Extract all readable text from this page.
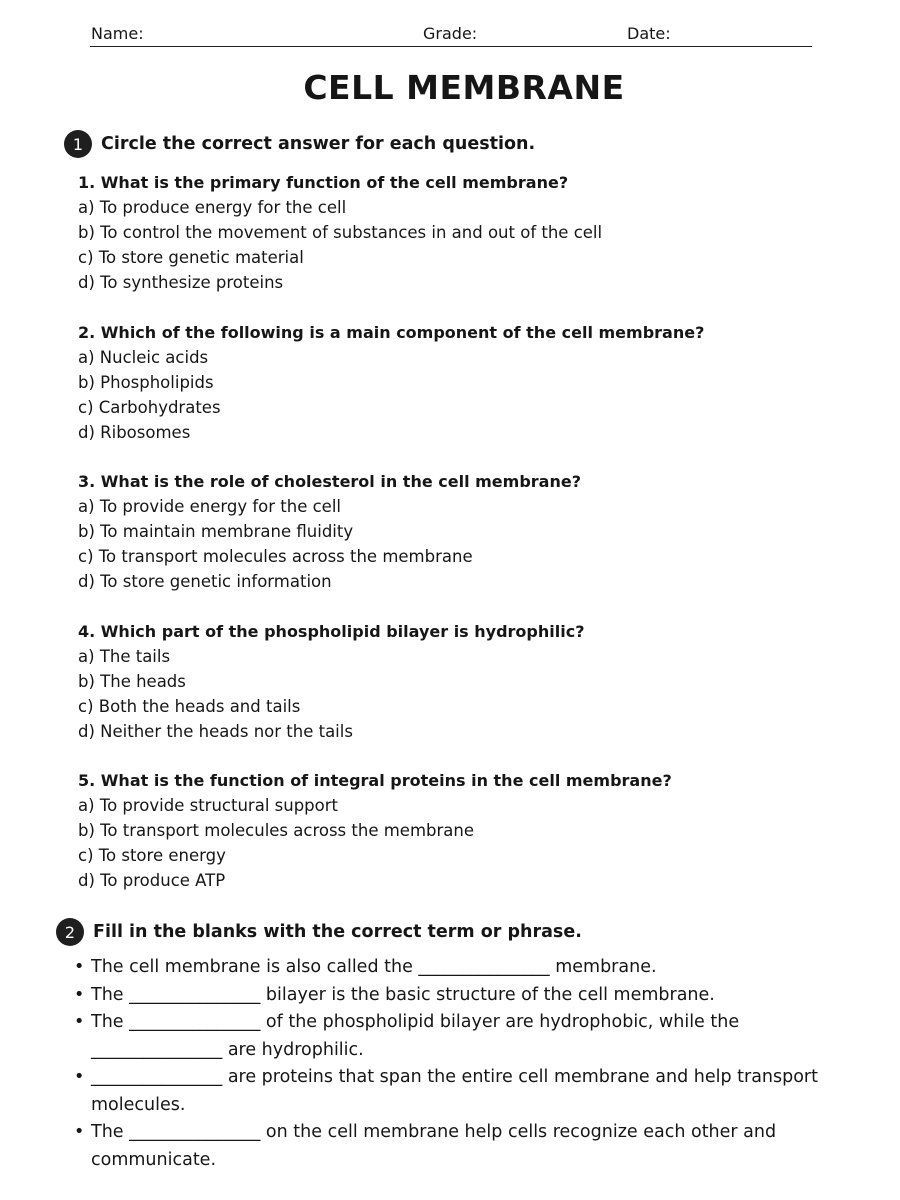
Name:	Grade:	Date:
CELL MEMBRANE
1	Circle the correct answer for each question.
1. What is the primary function of the cell membrane?
a) To produce energy for the cell
b) To control the movement of substances in and out of the cell
c) To store genetic material
d) To synthesize proteins
2. Which of the following is a main component of the cell membrane?
a) Nucleic acids
b) Phospholipids
c) Carbohydrates
d) Ribosomes
3. What is the role of cholesterol in the cell membrane?
a) To provide energy for the cell
b) To maintain membrane fluidity
c) To transport molecules across the membrane
d) To store genetic information
4. Which part of the phospholipid bilayer is hydrophilic?
a) The tails
b) The heads
c) Both the heads and tails
d) Neither the heads nor the tails
5. What is the function of integral proteins in the cell membrane?
a) To provide structural support
b) To transport molecules across the membrane
c) To store energy
d) To produce ATP
2	Fill in the blanks with the correct term or phrase.
• The cell membrane is also called the _______________ membrane.
• The _______________ bilayer is the basic structure of the cell membrane.
• The _______________ of the phospholipid bilayer are hydrophobic, while the _______________ are hydrophilic.
• _______________ are proteins that span the entire cell membrane and help transport molecules.
• The _______________ on the cell membrane help cells recognize each other and communicate.
